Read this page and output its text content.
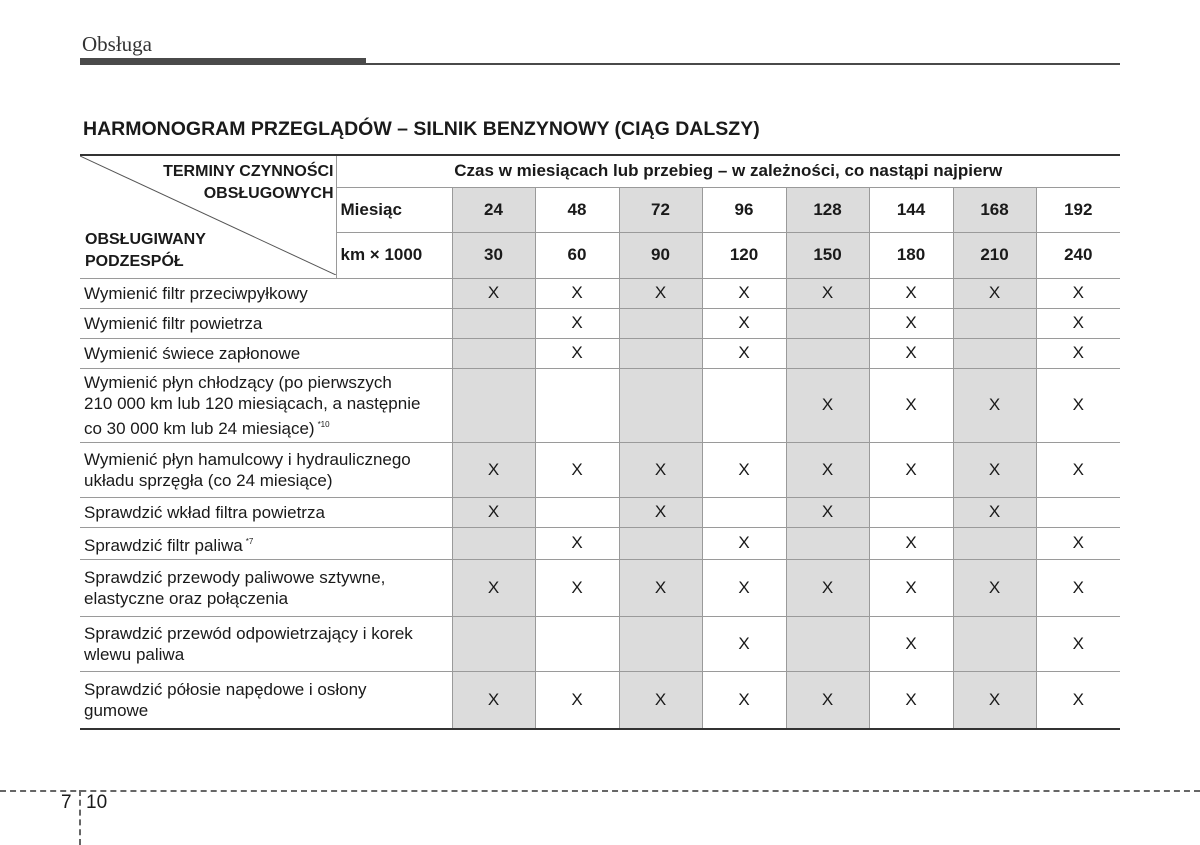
Obsługa
HARMONOGRAM PRZEGLĄDÓW – SILNIK BENZYNOWY (CIĄG DALSZY)
TERMINY CZYNNOŚCI
OBSŁUGOWYCH
OBSŁUGIWANY
PODZESPÓŁ	Czas w miesiącach lub przebieg – w zależności, co nastąpi najpierw								
	Miesiąc	24	48	72	96	128	144	168	192
	km × 1000	30	60	90	120	150	180	210	240
Wymienić filtr przeciwpyłkowy		X	X	X	X	X	X	X	X
Wymienić filtr powietrza			X		X		X		X
Wymienić świece zapłonowe			X		X		X		X
Wymienić płyn chłodzący (po pierwszych
210 000 km lub 120 miesiącach, a następnie
co 30 000 km lub 24 miesiące) $^{*10}$						X	X	X	X
Wymienić płyn hamulcowy i hydraulicznego
układu sprzęgła (co 24 miesiące)		X	X	X	X	X	X	X	X
Sprawdzić wkład filtra powietrza		X		X		X		X	
Sprawdzić filtr paliwa $^{*7}$			X		X		X		X
Sprawdzić przewody paliwowe sztywne,
elastyczne oraz połączenia		X	X	X	X	X	X	X	X
Sprawdzić przewód odpowietrzający i korek
wlewu paliwa					X		X		X
Sprawdzić półosie napędowe i osłony
gumowe		X	X	X	X	X	X	X	X
7 10
